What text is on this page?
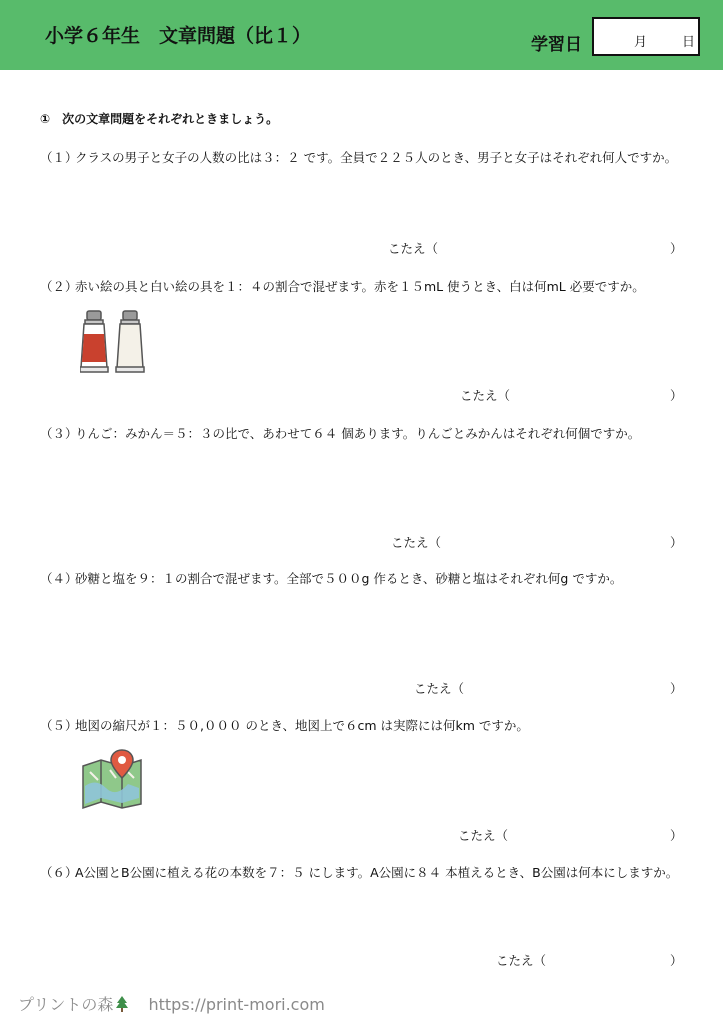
小学６年生　文章問題（比１）	学習日	月	日
①　次の文章問題をそれぞれときましょう。
（１）
クラスの男子と女子の人数の比は３：２ です。全員で２２５人のとき、男子と女子はそれぞれ何人ですか。
こたえ（	）
（２）
赤い絵の具と白い絵の具を１：４の割合で混ぜます。赤を１５mL 使うとき、白は何mL 必要ですか。
こたえ（	）
（３）
りんご：みかん＝５：３の比で、あわせて６４ 個あります。りんごとみかんはそれぞれ何個ですか。
こたえ（	）
（４）
砂糖と塩を９：１の割合で混ぜます。全部で５００g 作るとき、砂糖と塩はそれぞれ何g ですか。
こたえ（	）
（５）
地図の縮尺が１：５０,０００ のとき、地図上で６cm は実際には何km ですか。
こたえ（	）
（６）
A公園とB公園に植える花の本数を７：５ にします。A公園に８４ 本植えるとき、B公園は何本にしますか。
こたえ（	）
プリントの森 https://print-mori.com
